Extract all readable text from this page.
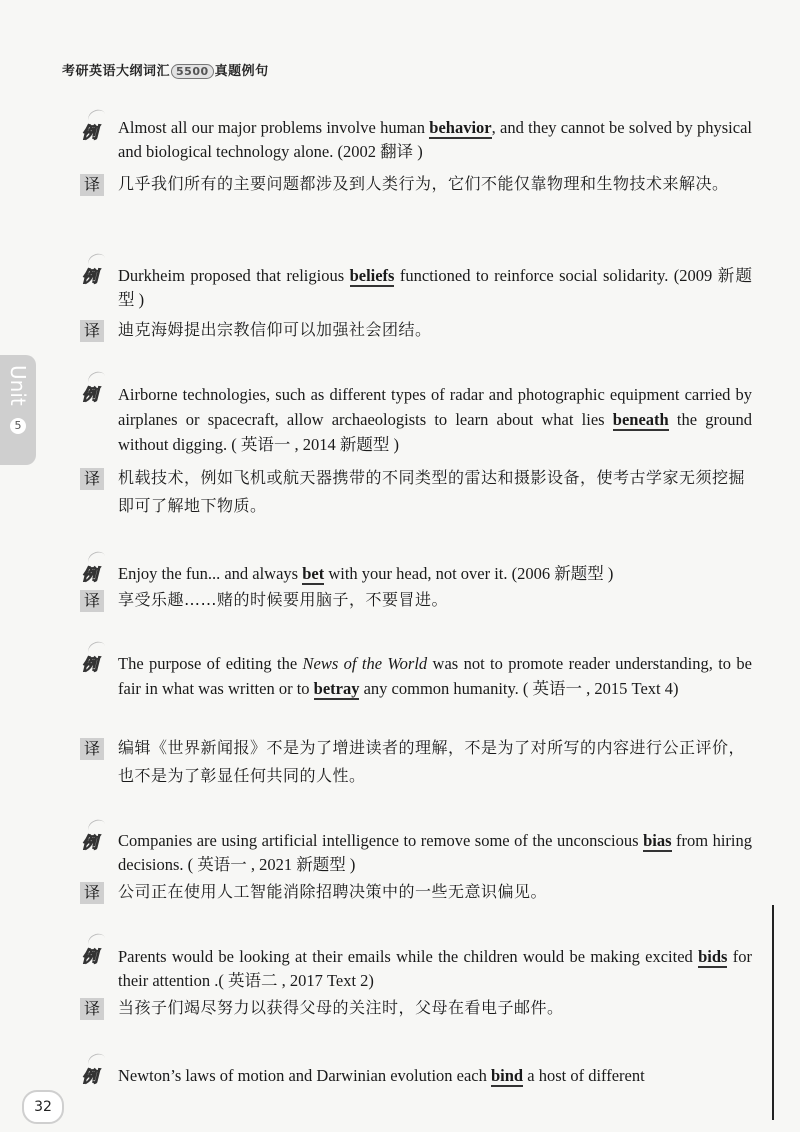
考研英语大纲词汇 5500 真题例句
例 Almost all our major problems involve human behavior, and they cannot be solved by physical and biological technology alone. (2002 翻译 )
译 几乎我们所有的主要问题都涉及到人类行为，它们不能仅靠物理和生物技术来解决。
例 Durkheim proposed that religious beliefs functioned to reinforce social solidarity. (2009 新题型 )
译 迪克海姆提出宗教信仰可以加强社会团结。
例 Airborne technologies, such as different types of radar and photographic equipment carried by airplanes or spacecraft, allow archaeologists to learn about what lies beneath the ground without digging. ( 英语一 , 2014 新题型 )
译 机载技术，例如飞机或航天器携带的不同类型的雷达和摄影设备，使考古学家无须挖掘即可了解地下物质。
例 Enjoy the fun... and always bet with your head, not over it. (2006 新题型 )
译 享受乐趣……赌的时候要用脑子，不要冒进。
例 The purpose of editing the News of the World was not to promote reader understanding, to be fair in what was written or to betray any common humanity. ( 英语一 , 2015 Text 4)
译 编辑《世界新闻报》不是为了增进读者的理解，不是为了对所写的内容进行公正评价，也不是为了彰显任何共同的人性。
例 Companies are using artificial intelligence to remove some of the unconscious bias from hiring decisions. ( 英语一 , 2021 新题型 )
译 公司正在使用人工智能消除招聘决策中的一些无意识偏见。
例 Parents would be looking at their emails while the children would be making excited bids for their attention .( 英语二 , 2017 Text 2)
译 当孩子们竭尽努力以获得父母的关注时，父母在看电子邮件。
例 Newton’s laws of motion and Darwinian evolution each bind a host of different
Unit
5
32
